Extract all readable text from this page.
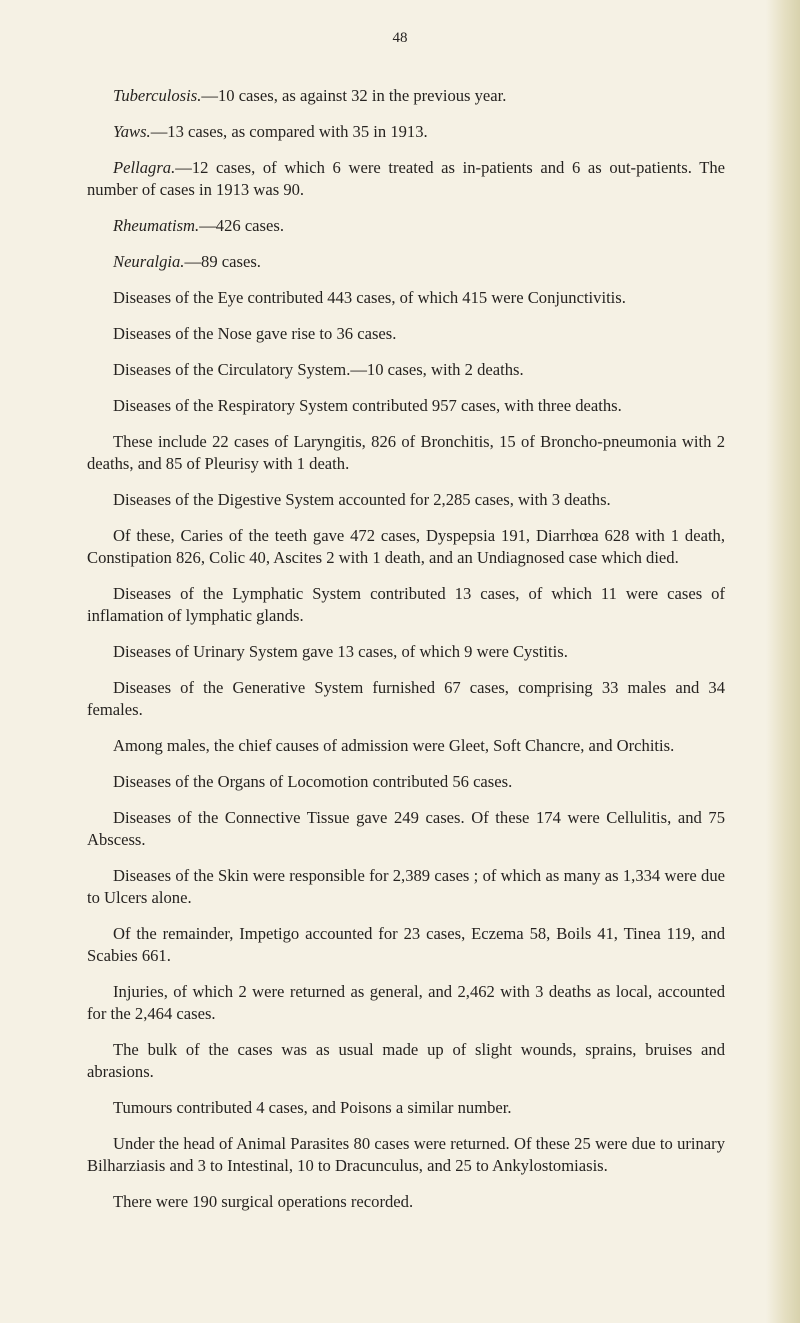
48

Tuberculosis.—10 cases, as against 32 in the previous year.

Yaws.—13 cases, as compared with 35 in 1913.

Pellagra.—12 cases, of which 6 were treated as in-patients and 6 as out-patients. The number of cases in 1913 was 90.

Rheumatism.—426 cases.

Neuralgia.—89 cases.

Diseases of the Eye contributed 443 cases, of which 415 were Conjunctivitis.

Diseases of the Nose gave rise to 36 cases.

Diseases of the Circulatory System.—10 cases, with 2 deaths.

Diseases of the Respiratory System contributed 957 cases, with three deaths.

These include 22 cases of Laryngitis, 826 of Bronchitis, 15 of Broncho-pneumonia with 2 deaths, and 85 of Pleurisy with 1 death.

Diseases of the Digestive System accounted for 2,285 cases, with 3 deaths.

Of these, Caries of the teeth gave 472 cases, Dyspepsia 191, Diarrhœa 628 with 1 death, Constipation 826, Colic 40, Ascites 2 with 1 death, and an Undiagnosed case which died.

Diseases of the Lymphatic System contributed 13 cases, of which 11 were cases of inflamation of lymphatic glands.

Diseases of Urinary System gave 13 cases, of which 9 were Cystitis.

Diseases of the Generative System furnished 67 cases, comprising 33 males and 34 females.

Among males, the chief causes of admission were Gleet, Soft Chancre, and Orchitis.

Diseases of the Organs of Locomotion contributed 56 cases.

Diseases of the Connective Tissue gave 249 cases. Of these 174 were Cellulitis, and 75 Abscess.

Diseases of the Skin were responsible for 2,389 cases ; of which as many as 1,334 were due to Ulcers alone.

Of the remainder, Impetigo accounted for 23 cases, Eczema 58, Boils 41, Tinea 119, and Scabies 661.

Injuries, of which 2 were returned as general, and 2,462 with 3 deaths as local, accounted for the 2,464 cases.

The bulk of the cases was as usual made up of slight wounds, sprains, bruises and abrasions.

Tumours contributed 4 cases, and Poisons a similar number.

Under the head of Animal Parasites 80 cases were returned. Of these 25 were due to urinary Bilharziasis and 3 to Intestinal, 10 to Dracunculus, and 25 to Ankylostomiasis.

There were 190 surgical operations recorded.
